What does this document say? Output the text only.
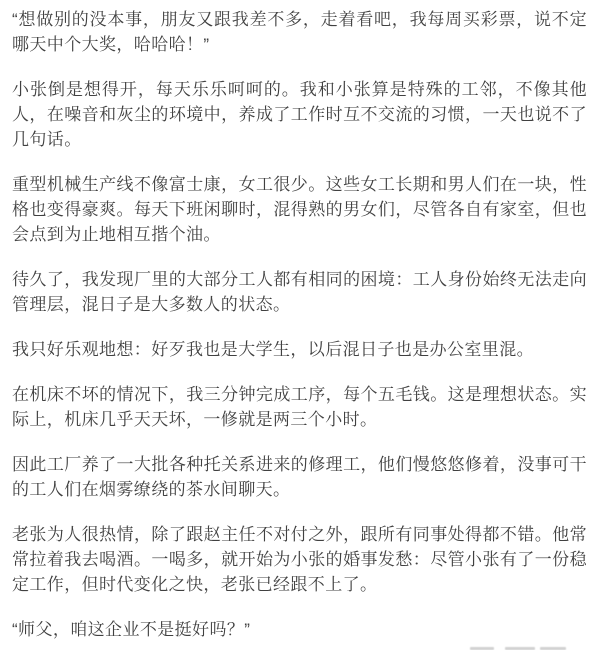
“想做别的没本事，朋友又跟我差不多，走着看吧，我每周买彩票，说不定哪天中个大奖，哈哈哈！”

小张倒是想得开，每天乐乐呵呵的。我和小张算是特殊的工邻，不像其他人，在噪音和灰尘的环境中，养成了工作时互不交流的习惯，一天也说不了几句话。

重型机械生产线不像富士康，女工很少。这些女工长期和男人们在一块，性格也变得豪爽。每天下班闲聊时，混得熟的男女们，尽管各自有家室，但也会点到为止地相互揩个油。

待久了，我发现厂里的大部分工人都有相同的困境：工人身份始终无法走向管理层，混日子是大多数人的状态。

我只好乐观地想：好歹我也是大学生，以后混日子也是办公室里混。

在机床不坏的情况下，我三分钟完成工序，每个五毛钱。这是理想状态。实际上，机床几乎天天坏，一修就是两三个小时。

因此工厂养了一大批各种托关系进来的修理工，他们慢悠悠修着，没事可干的工人们在烟雾缭绕的茶水间聊天。

老张为人很热情，除了跟赵主任不对付之外，跟所有同事处得都不错。他常常拉着我去喝酒。一喝多，就开始为小张的婚事发愁：尽管小张有了一份稳定工作，但时代变化之快，老张已经跟不上了。

“师父，咱这企业不是挺好吗？”
